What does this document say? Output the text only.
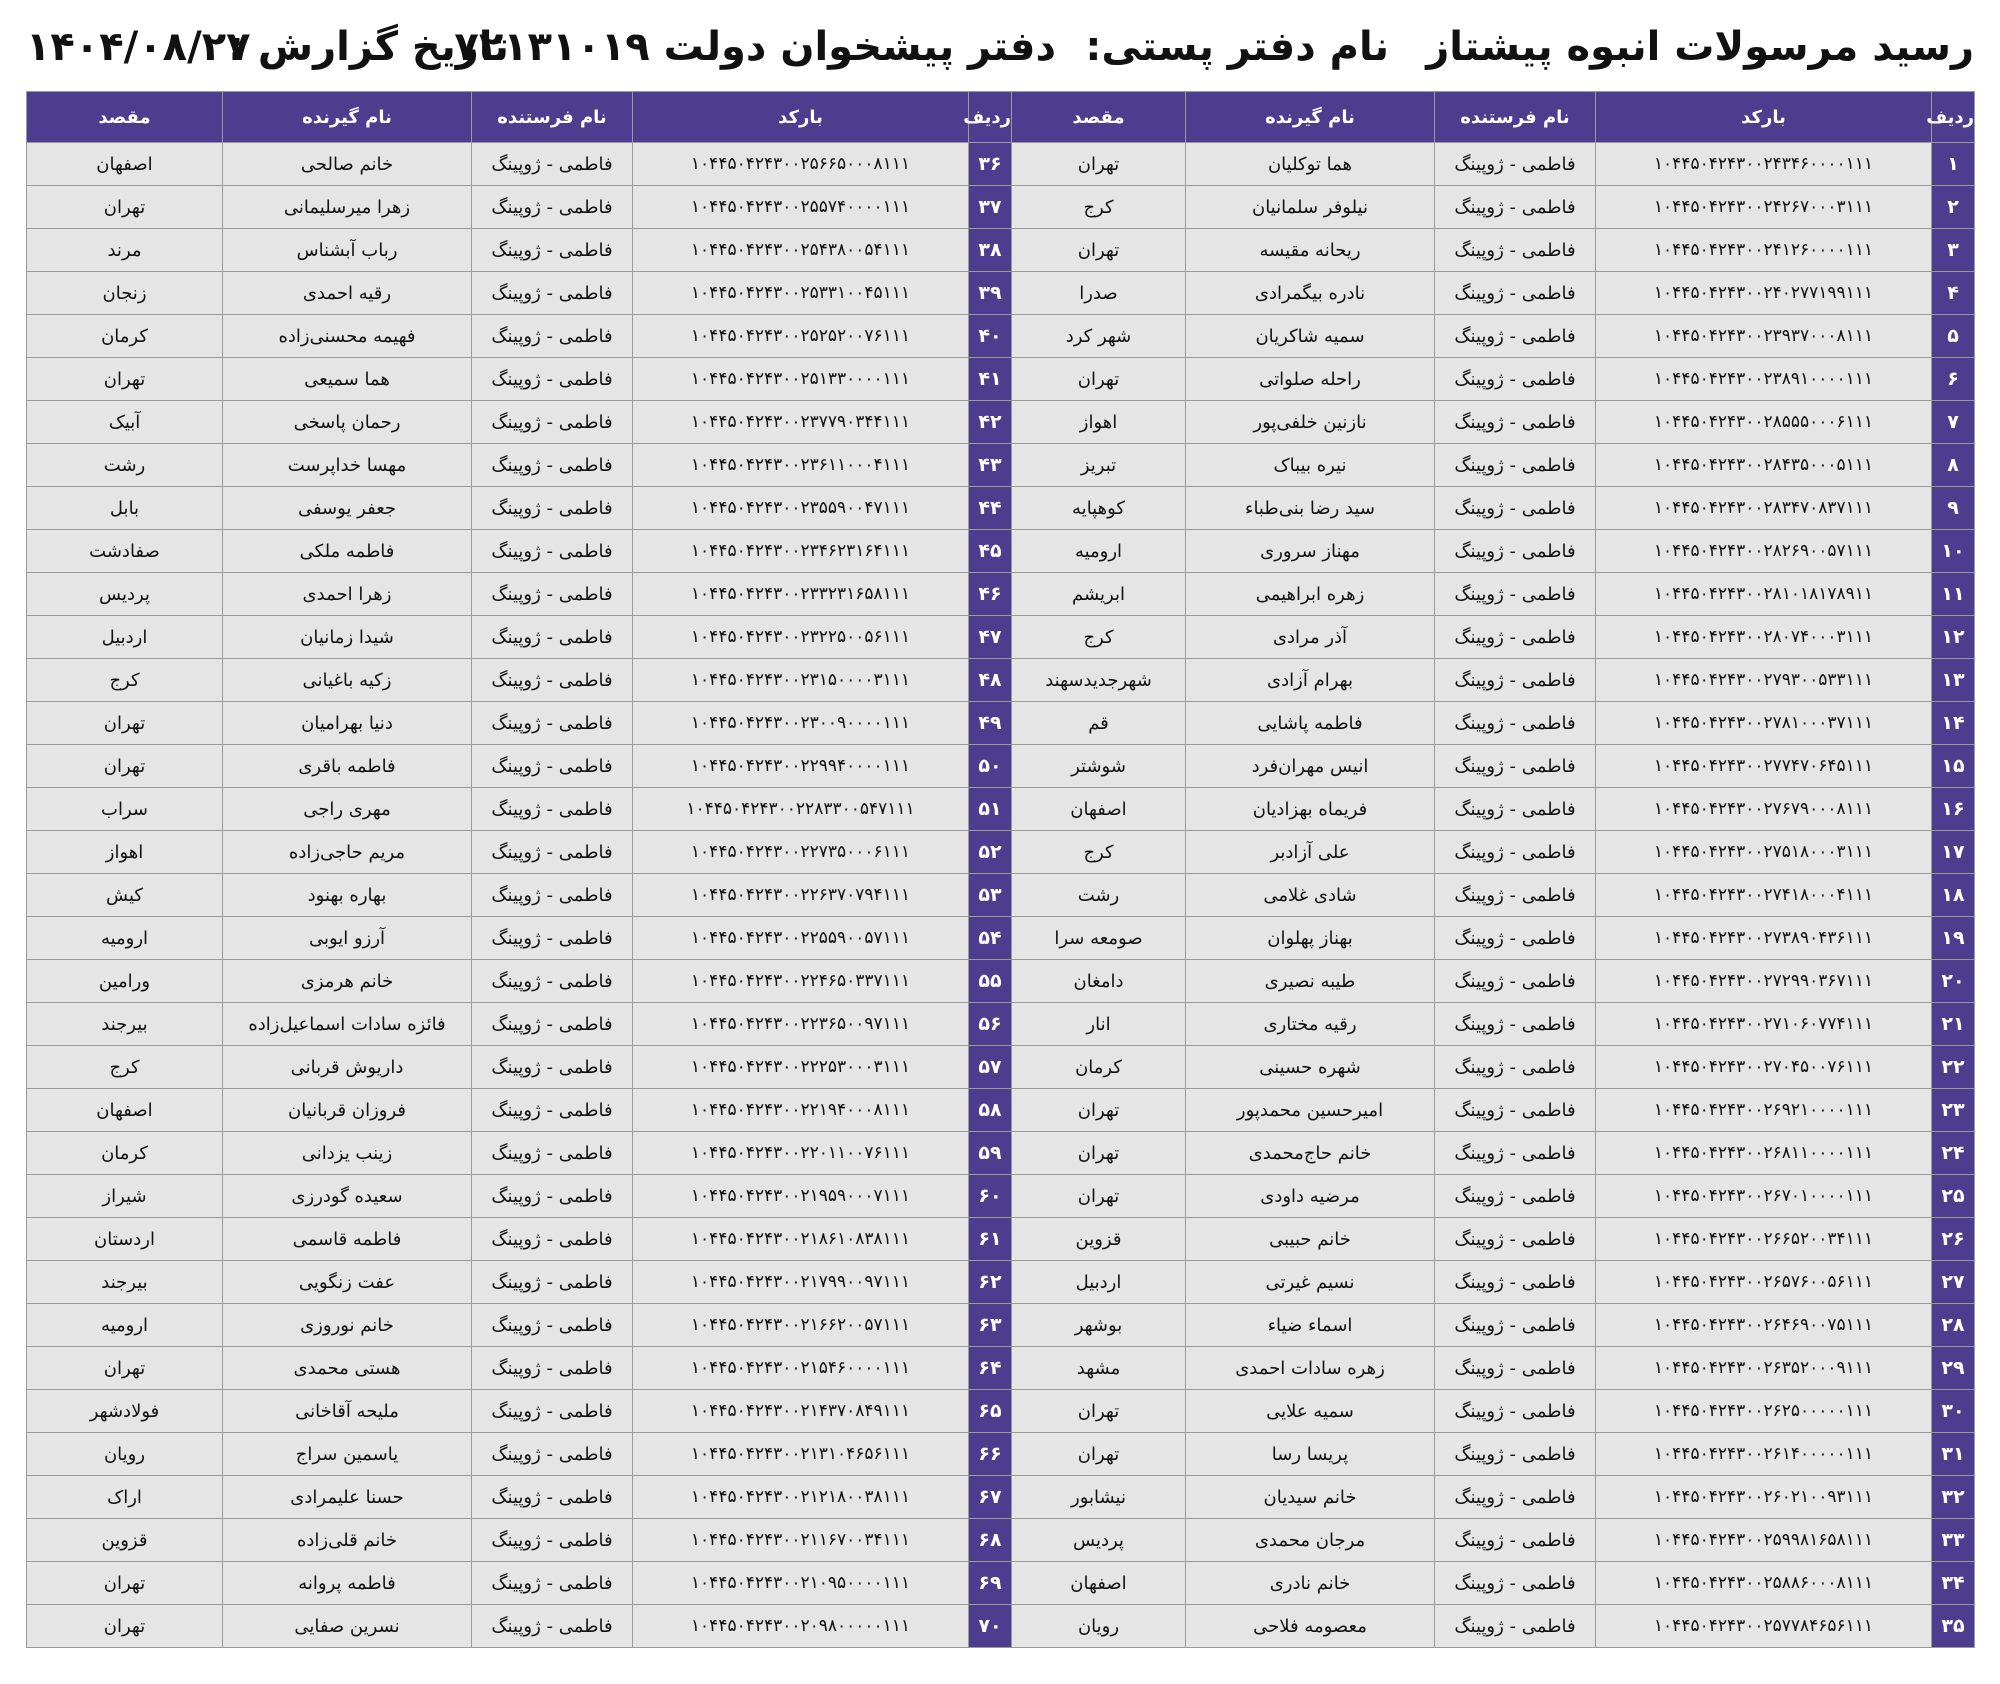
رسید مرسولات انبوه پیشتاز
نام دفتر پستی:
دفتر پیشخوان دولت ۷۲۱۳۱۰۱۹
تاریخ گزارش :
۱۴۰۴/۰۸/۲۷
ردیف	بارکد	نام فرستنده	نام گیرنده	مقصد	ردیف	بارکد	نام فرستنده	نام گیرنده	مقصد
۱	۱۰۴۴۵۰۴۲۴۳۰۰۲۴۳۴۶۰۰۰۰۱۱۱	فاطمی - ژوپینگ	هما توکلیان	تهران	۳۶	۱۰۴۴۵۰۴۲۴۳۰۰۲۵۶۶۵۰۰۰۸۱۱۱	فاطمی - ژوپینگ	خانم صالحی	اصفهان
۲	۱۰۴۴۵۰۴۲۴۳۰۰۲۴۲۶۷۰۰۰۳۱۱۱	فاطمی - ژوپینگ	نیلوفر سلمانیان	کرج	۳۷	۱۰۴۴۵۰۴۲۴۳۰۰۲۵۵۷۴۰۰۰۰۱۱۱	فاطمی - ژوپینگ	زهرا میرسلیمانی	تهران
۳	۱۰۴۴۵۰۴۲۴۳۰۰۲۴۱۲۶۰۰۰۰۱۱۱	فاطمی - ژوپینگ	ریحانه مقیسه	تهران	۳۸	۱۰۴۴۵۰۴۲۴۳۰۰۲۵۴۳۸۰۰۵۴۱۱۱	فاطمی - ژوپینگ	رباب آبشناس	مرند
۴	۱۰۴۴۵۰۴۲۴۳۰۰۲۴۰۲۷۷۱۹۹۱۱۱	فاطمی - ژوپینگ	نادره بیگمرادی	صدرا	۳۹	۱۰۴۴۵۰۴۲۴۳۰۰۲۵۳۳۱۰۰۴۵۱۱۱	فاطمی - ژوپینگ	رقیه احمدی	زنجان
۵	۱۰۴۴۵۰۴۲۴۳۰۰۲۳۹۳۷۰۰۰۸۱۱۱	فاطمی - ژوپینگ	سمیه شاکریان	شهر کرد	۴۰	۱۰۴۴۵۰۴۲۴۳۰۰۲۵۲۵۲۰۰۷۶۱۱۱	فاطمی - ژوپینگ	فهیمه محسنی‌زاده	کرمان
۶	۱۰۴۴۵۰۴۲۴۳۰۰۲۳۸۹۱۰۰۰۰۱۱۱	فاطمی - ژوپینگ	راحله صلواتی	تهران	۴۱	۱۰۴۴۵۰۴۲۴۳۰۰۲۵۱۳۳۰۰۰۰۱۱۱	فاطمی - ژوپینگ	هما سمیعی	تهران
۷	۱۰۴۴۵۰۴۲۴۳۰۰۲۸۵۵۵۰۰۰۶۱۱۱	فاطمی - ژوپینگ	نازنین خلفی‌پور	اهواز	۴۲	۱۰۴۴۵۰۴۲۴۳۰۰۲۳۷۷۹۰۳۴۴۱۱۱	فاطمی - ژوپینگ	رحمان پاسخی	آبیک
۸	۱۰۴۴۵۰۴۲۴۳۰۰۲۸۴۳۵۰۰۰۵۱۱۱	فاطمی - ژوپینگ	نیره بیباک	تبریز	۴۳	۱۰۴۴۵۰۴۲۴۳۰۰۲۳۶۱۱۰۰۰۴۱۱۱	فاطمی - ژوپینگ	مهسا خداپرست	رشت
۹	۱۰۴۴۵۰۴۲۴۳۰۰۲۸۳۴۷۰۸۳۷۱۱۱	فاطمی - ژوپینگ	سید رضا بنی‌طباء	کوهپایه	۴۴	۱۰۴۴۵۰۴۲۴۳۰۰۲۳۵۵۹۰۰۴۷۱۱۱	فاطمی - ژوپینگ	جعفر یوسفی	بابل
۱۰	۱۰۴۴۵۰۴۲۴۳۰۰۲۸۲۶۹۰۰۵۷۱۱۱	فاطمی - ژوپینگ	مهناز سروری	ارومیه	۴۵	۱۰۴۴۵۰۴۲۴۳۰۰۲۳۴۶۲۳۱۶۴۱۱۱	فاطمی - ژوپینگ	فاطمه ملکی	صفادشت
۱۱	۱۰۴۴۵۰۴۲۴۳۰۰۲۸۱۰۱۸۱۷۸۹۱۱	فاطمی - ژوپینگ	زهره ابراهیمی	ابریشم	۴۶	۱۰۴۴۵۰۴۲۴۳۰۰۲۳۳۲۳۱۶۵۸۱۱۱	فاطمی - ژوپینگ	زهرا احمدی	پردیس
۱۲	۱۰۴۴۵۰۴۲۴۳۰۰۲۸۰۷۴۰۰۰۳۱۱۱	فاطمی - ژوپینگ	آذر مرادی	کرج	۴۷	۱۰۴۴۵۰۴۲۴۳۰۰۲۳۲۲۵۰۰۵۶۱۱۱	فاطمی - ژوپینگ	شیدا زمانیان	اردبیل
۱۳	۱۰۴۴۵۰۴۲۴۳۰۰۲۷۹۳۰۰۵۳۳۱۱۱	فاطمی - ژوپینگ	بهرام آزادی	شهرجدیدسهند	۴۸	۱۰۴۴۵۰۴۲۴۳۰۰۲۳۱۵۰۰۰۰۳۱۱۱	فاطمی - ژوپینگ	زکیه باغیانی	کرج
۱۴	۱۰۴۴۵۰۴۲۴۳۰۰۲۷۸۱۰۰۰۳۷۱۱۱	فاطمی - ژوپینگ	فاطمه پاشایی	قم	۴۹	۱۰۴۴۵۰۴۲۴۳۰۰۲۳۰۰۹۰۰۰۰۱۱۱	فاطمی - ژوپینگ	دنیا بهرامیان	تهران
۱۵	۱۰۴۴۵۰۴۲۴۳۰۰۲۷۷۴۷۰۶۴۵۱۱۱	فاطمی - ژوپینگ	انیس مهران‌فرد	شوشتر	۵۰	۱۰۴۴۵۰۴۲۴۳۰۰۲۲۹۹۴۰۰۰۰۱۱۱	فاطمی - ژوپینگ	فاطمه باقری	تهران
۱۶	۱۰۴۴۵۰۴۲۴۳۰۰۲۷۶۷۹۰۰۰۸۱۱۱	فاطمی - ژوپینگ	فریماه بهزادیان	اصفهان	۵۱	۱۰۴۴۵۰۴۲۴۳۰۰۲۲۸۳۳۰۰۵۴۷۱۱۱	فاطمی - ژوپینگ	مهری راجی	سراب
۱۷	۱۰۴۴۵۰۴۲۴۳۰۰۲۷۵۱۸۰۰۰۳۱۱۱	فاطمی - ژوپینگ	علی آزادبر	کرج	۵۲	۱۰۴۴۵۰۴۲۴۳۰۰۲۲۷۳۵۰۰۰۶۱۱۱	فاطمی - ژوپینگ	مریم حاجی‌زاده	اهواز
۱۸	۱۰۴۴۵۰۴۲۴۳۰۰۲۷۴۱۸۰۰۰۴۱۱۱	فاطمی - ژوپینگ	شادی غلامی	رشت	۵۳	۱۰۴۴۵۰۴۲۴۳۰۰۲۲۶۳۷۰۷۹۴۱۱۱	فاطمی - ژوپینگ	بهاره بهنود	کیش
۱۹	۱۰۴۴۵۰۴۲۴۳۰۰۲۷۳۸۹۰۴۳۶۱۱۱	فاطمی - ژوپینگ	بهناز پهلوان	صومعه سرا	۵۴	۱۰۴۴۵۰۴۲۴۳۰۰۲۲۵۵۹۰۰۵۷۱۱۱	فاطمی - ژوپینگ	آرزو ایوبی	ارومیه
۲۰	۱۰۴۴۵۰۴۲۴۳۰۰۲۷۲۹۹۰۳۶۷۱۱۱	فاطمی - ژوپینگ	طیبه نصیری	دامغان	۵۵	۱۰۴۴۵۰۴۲۴۳۰۰۲۲۴۶۵۰۳۳۷۱۱۱	فاطمی - ژوپینگ	خانم هرمزی	ورامین
۲۱	۱۰۴۴۵۰۴۲۴۳۰۰۲۷۱۰۶۰۷۷۴۱۱۱	فاطمی - ژوپینگ	رقیه مختاری	انار	۵۶	۱۰۴۴۵۰۴۲۴۳۰۰۲۲۳۶۵۰۰۹۷۱۱۱	فاطمی - ژوپینگ	فائزه سادات اسماعیل‌زاده	بیرجند
۲۲	۱۰۴۴۵۰۴۲۴۳۰۰۲۷۰۴۵۰۰۷۶۱۱۱	فاطمی - ژوپینگ	شهره حسینی	کرمان	۵۷	۱۰۴۴۵۰۴۲۴۳۰۰۲۲۲۵۳۰۰۰۳۱۱۱	فاطمی - ژوپینگ	داریوش قربانی	کرج
۲۳	۱۰۴۴۵۰۴۲۴۳۰۰۲۶۹۲۱۰۰۰۰۱۱۱	فاطمی - ژوپینگ	امیرحسین محمدپور	تهران	۵۸	۱۰۴۴۵۰۴۲۴۳۰۰۲۲۱۹۴۰۰۰۸۱۱۱	فاطمی - ژوپینگ	فروزان قربانیان	اصفهان
۲۴	۱۰۴۴۵۰۴۲۴۳۰۰۲۶۸۱۱۰۰۰۰۱۱۱	فاطمی - ژوپینگ	خانم حاج‌محمدی	تهران	۵۹	۱۰۴۴۵۰۴۲۴۳۰۰۲۲۰۱۱۰۰۷۶۱۱۱	فاطمی - ژوپینگ	زینب یزدانی	کرمان
۲۵	۱۰۴۴۵۰۴۲۴۳۰۰۲۶۷۰۱۰۰۰۰۱۱۱	فاطمی - ژوپینگ	مرضیه داودی	تهران	۶۰	۱۰۴۴۵۰۴۲۴۳۰۰۲۱۹۵۹۰۰۰۷۱۱۱	فاطمی - ژوپینگ	سعیده گودرزی	شیراز
۲۶	۱۰۴۴۵۰۴۲۴۳۰۰۲۶۶۵۲۰۰۳۴۱۱۱	فاطمی - ژوپینگ	خانم حبیبی	قزوین	۶۱	۱۰۴۴۵۰۴۲۴۳۰۰۲۱۸۶۱۰۸۳۸۱۱۱	فاطمی - ژوپینگ	فاطمه قاسمی	اردستان
۲۷	۱۰۴۴۵۰۴۲۴۳۰۰۲۶۵۷۶۰۰۵۶۱۱۱	فاطمی - ژوپینگ	نسیم غیرتی	اردبیل	۶۲	۱۰۴۴۵۰۴۲۴۳۰۰۲۱۷۹۹۰۰۹۷۱۱۱	فاطمی - ژوپینگ	عفت زنگویی	بیرجند
۲۸	۱۰۴۴۵۰۴۲۴۳۰۰۲۶۴۶۹۰۰۷۵۱۱۱	فاطمی - ژوپینگ	اسماء ضیاء	بوشهر	۶۳	۱۰۴۴۵۰۴۲۴۳۰۰۲۱۶۶۲۰۰۵۷۱۱۱	فاطمی - ژوپینگ	خانم نوروزی	ارومیه
۲۹	۱۰۴۴۵۰۴۲۴۳۰۰۲۶۳۵۲۰۰۰۹۱۱۱	فاطمی - ژوپینگ	زهره سادات احمدی	مشهد	۶۴	۱۰۴۴۵۰۴۲۴۳۰۰۲۱۵۴۶۰۰۰۰۱۱۱	فاطمی - ژوپینگ	هستی محمدی	تهران
۳۰	۱۰۴۴۵۰۴۲۴۳۰۰۲۶۲۵۰۰۰۰۰۱۱۱	فاطمی - ژوپینگ	سمیه علایی	تهران	۶۵	۱۰۴۴۵۰۴۲۴۳۰۰۲۱۴۳۷۰۸۴۹۱۱۱	فاطمی - ژوپینگ	ملیحه آقاخانی	فولادشهر
۳۱	۱۰۴۴۵۰۴۲۴۳۰۰۲۶۱۴۰۰۰۰۰۱۱۱	فاطمی - ژوپینگ	پریسا رسا	تهران	۶۶	۱۰۴۴۵۰۴۲۴۳۰۰۲۱۳۱۰۴۶۵۶۱۱۱	فاطمی - ژوپینگ	یاسمین سراج	رویان
۳۲	۱۰۴۴۵۰۴۲۴۳۰۰۲۶۰۲۱۰۰۹۳۱۱۱	فاطمی - ژوپینگ	خانم سیدیان	نیشابور	۶۷	۱۰۴۴۵۰۴۲۴۳۰۰۲۱۲۱۸۰۰۳۸۱۱۱	فاطمی - ژوپینگ	حسنا علیمرادی	اراک
۳۳	۱۰۴۴۵۰۴۲۴۳۰۰۲۵۹۹۸۱۶۵۸۱۱۱	فاطمی - ژوپینگ	مرجان محمدی	پردیس	۶۸	۱۰۴۴۵۰۴۲۴۳۰۰۲۱۱۶۷۰۰۳۴۱۱۱	فاطمی - ژوپینگ	خانم قلی‌زاده	قزوین
۳۴	۱۰۴۴۵۰۴۲۴۳۰۰۲۵۸۸۶۰۰۰۸۱۱۱	فاطمی - ژوپینگ	خانم نادری	اصفهان	۶۹	۱۰۴۴۵۰۴۲۴۳۰۰۲۱۰۹۵۰۰۰۰۱۱۱	فاطمی - ژوپینگ	فاطمه پروانه	تهران
۳۵	۱۰۴۴۵۰۴۲۴۳۰۰۲۵۷۷۸۴۶۵۶۱۱۱	فاطمی - ژوپینگ	معصومه فلاحی	رویان	۷۰	۱۰۴۴۵۰۴۲۴۳۰۰۲۰۹۸۰۰۰۰۰۱۱۱	فاطمی - ژوپینگ	نسرین صفایی	تهران
